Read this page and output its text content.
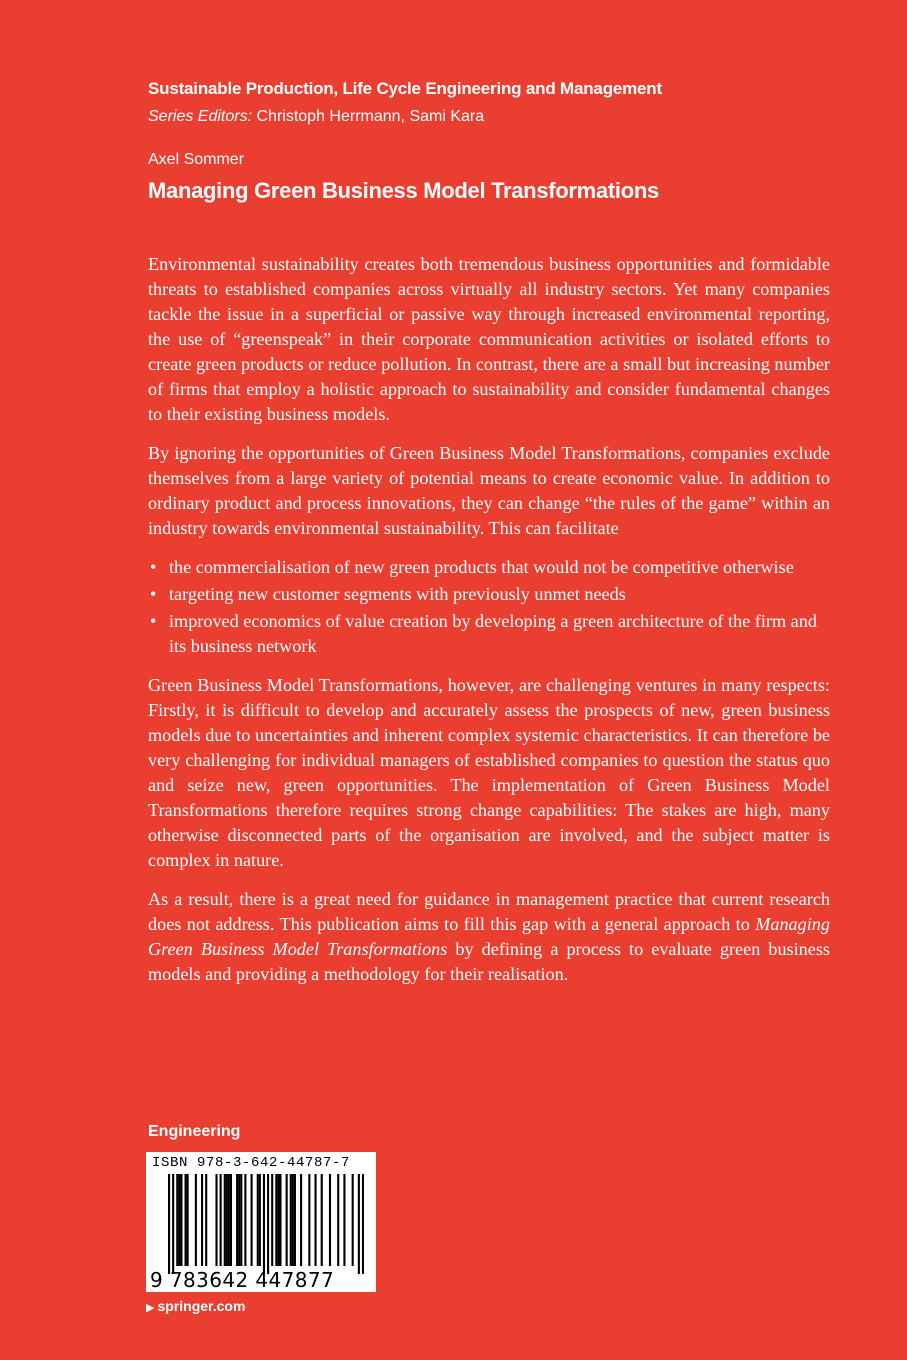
Sustainable Production, Life Cycle Engineering and Management
Series Editors: Christoph Herrmann, Sami Kara
Axel Sommer
Managing Green Business Model Transformations

Environmental sustainability creates both tremendous business opportunities and formidable threats to established companies across virtually all industry sectors. Yet many companies tackle the issue in a superficial or passive way through increased environmental reporting, the use of “greenspeak” in their corporate communication activities or isolated efforts to create green products or reduce pollution. In contrast, there are a small but increasing number of firms that employ a holistic approach to sustainability and consider fundamental changes to their existing business models.

By ignoring the opportunities of Green Business Model Transformations, companies exclude themselves from a large variety of potential means to create economic value. In addition to ordinary product and process innovations, they can change “the rules of the game” within an industry towards environmental sustainability. This can facilitate

• the commercialisation of new green products that would not be competitive otherwise
• targeting new customer segments with previously unmet needs
• improved economics of value creation by developing a green architecture of the firm and its business network

Green Business Model Transformations, however, are challenging ventures in many respects: Firstly, it is difficult to develop and accurately assess the prospects of new, green business models due to uncertainties and inherent complex systemic characteristics. It can therefore be very challenging for individual managers of established companies to question the status quo and seize new, green opportunities. The implementation of Green Business Model Transformations therefore requires strong change capabilities: The stakes are high, many otherwise disconnected parts of the organisation are involved, and the subject matter is complex in nature.

As a result, there is a great need for guidance in management practice that current research does not address. This publication aims to fill this gap with a general approach to Managing Green Business Model Transformations by defining a process to evaluate green business models and providing a methodology for their realisation.

Engineering
ISBN 978-3-642-44787-7
9 783642 447877
▶ springer.com
